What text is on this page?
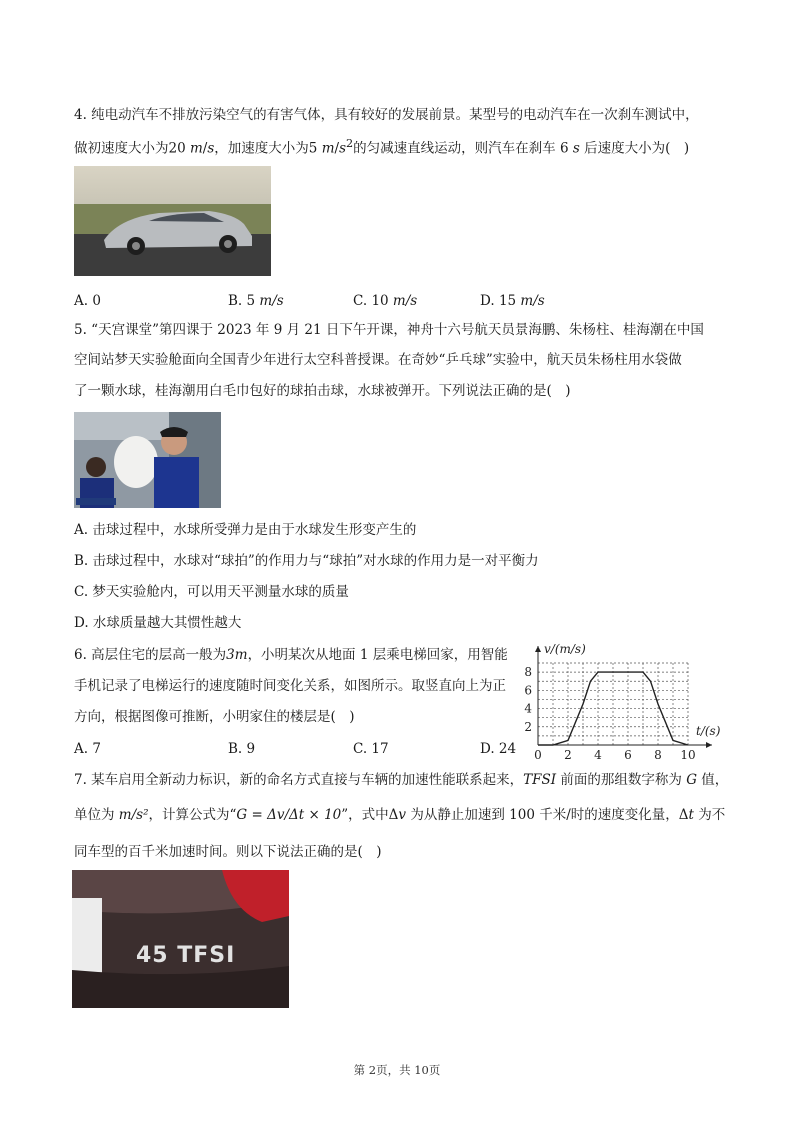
4. 纯电动汽车不排放污染空气的有害气体，具有较好的发展前景。某型号的电动汽车在一次刹车测试中，
做初速度大小为20 m/s，加速度大小为5 $m/s^2$的匀减速直线运动，则汽车在刹车 6 s 后速度大小为(　)
A. 0	B. 5 m/s	C. 10 m/s	D. 15 m/s
5. “天宫课堂”第四课于 2023 年 9 月 21 日下午开课，神舟十六号航天员景海鹏、朱杨柱、桂海潮在中国
空间站梦天实验舱面向全国青少年进行太空科普授课。在奇妙“乒乓球”实验中，航天员朱杨柱用水袋做
了一颗水球，桂海潮用白毛巾包好的球拍击球，水球被弹开。下列说法正确的是(　)
A. 击球过程中，水球所受弹力是由于水球发生形变产生的
B. 击球过程中，水球对“球拍”的作用力与“球拍”对水球的作用力是一对平衡力
C. 梦天实验舱内，可以用天平测量水球的质量
D. 水球质量越大其惯性越大
6. 高层住宅的层高一般为3m，小明某次从地面 1 层乘电梯回家，用智能
手机记录了电梯运行的速度随时间变化关系，如图所示。取竖直向上为正
方向，根据图像可推断，小明家住的楼层是(　)
A. 7	B. 9	C. 17	D. 24 0 2 4 6 8 10
2
4
6
8
v/(m/s)
t/(s)
7. 某车启用全新动力标识，新的命名方式直接与车辆的加速性能联系起来，TFSI 前面的那组数字称为 G 值，
单位为 m/s²，计算公式为“G = Δv/Δt × 10”，式中Δv 为从静止加速到 100 千米/时的速度变化量，Δt 为不
同车型的百千米加速时间。则以下说法正确的是(　)
45 TFSI
第 2页，共 10页
